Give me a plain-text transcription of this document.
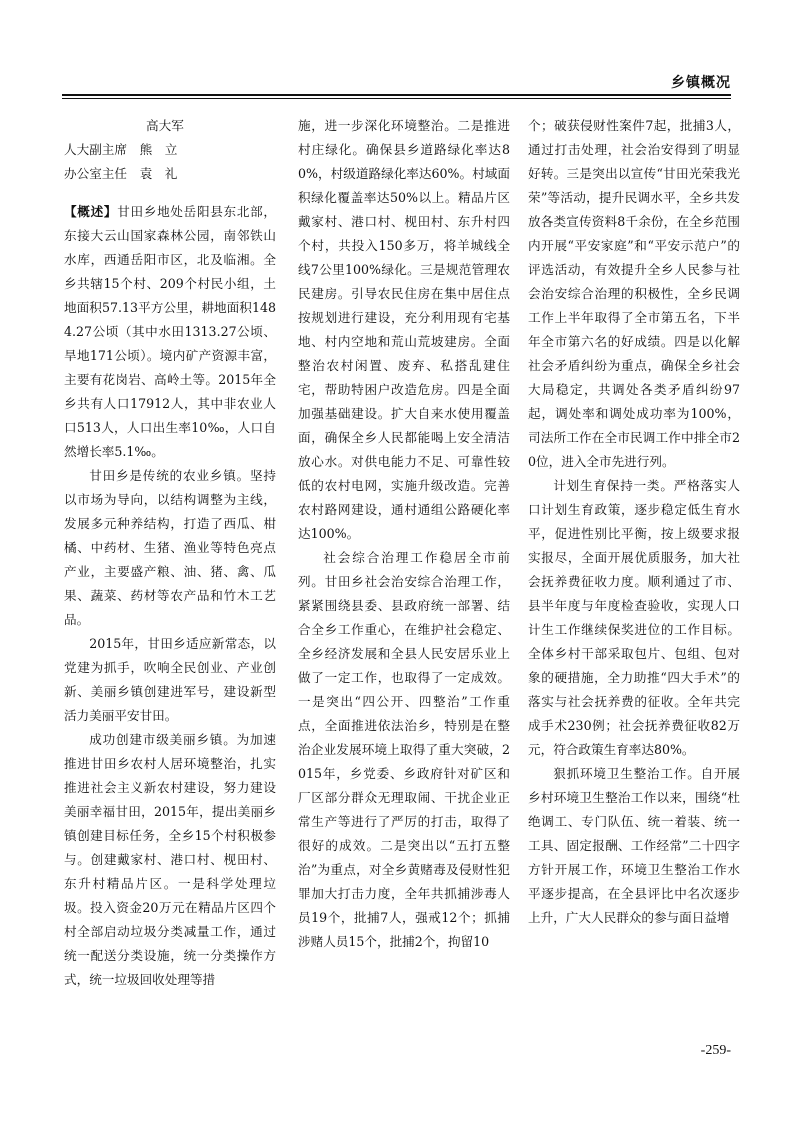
乡镇概况

高大军

人大副主席　熊　立

办公室主任　袁　礼

【概述】甘田乡地处岳阳县东北部，东接大云山国家森林公园，南邻铁山水库，西通岳阳市区，北及临湘。全乡共辖15个村、209个村民小组，土地面积57.13平方公里，耕地面积1484.27公顷（其中水田1313.27公顷、旱地171公顷）。境内矿产资源丰富，主要有花岗岩、高岭土等。2015年全乡共有人口17912人，其中非农业人口513人，人口出生率10‰，人口自然增长率5.1‰。

甘田乡是传统的农业乡镇。坚持以市场为导向，以结构调整为主线，发展多元种养结构，打造了西瓜、柑橘、中药材、生猪、渔业等特色亮点产业，主要盛产粮、油、猪、禽、瓜果、蔬菜、药材等农产品和竹木工艺品。

2015年，甘田乡适应新常态，以党建为抓手，吹响全民创业、产业创新、美丽乡镇创建进军号，建设新型活力美丽平安甘田。

成功创建市级美丽乡镇。为加速推进甘田乡农村人居环境整治，扎实推进社会主义新农村建设，努力建设美丽幸福甘田，2015年，提出美丽乡镇创建目标任务，全乡15个村积极参与。创建戴家村、港口村、枧田村、东升村精品片区。一是科学处理垃圾。投入资金20万元在精品片区四个村全部启动垃圾分类减量工作，通过统一配送分类设施，统一分类操作方式，统一垃圾回收处理等措

施，进一步深化环境整治。二是推进村庄绿化。确保县乡道路绿化率达80%，村级道路绿化率达60%。村域面积绿化覆盖率达50%以上。精品片区戴家村、港口村、枧田村、东升村四个村，共投入150多万，将羊城线全线7公里100%绿化。三是规范管理农民建房。引导农民住房在集中居住点按规划进行建设，充分利用现有宅基地、村内空地和荒山荒坡建房。全面整治农村闲置、废弃、私搭乱建住宅，帮助特困户改造危房。四是全面加强基础建设。扩大自来水使用覆盖面，确保全乡人民都能喝上安全清洁放心水。对供电能力不足、可靠性较低的农村电网，实施升级改造。完善农村路网建设，通村通组公路硬化率达100%。

社会综合治理工作稳居全市前列。甘田乡社会治安综合治理工作，紧紧围绕县委、县政府统一部署、结合全乡工作重心，在维护社会稳定、全乡经济发展和全县人民安居乐业上做了一定工作，也取得了一定成效。一是突出“四公开、四整治”工作重点，全面推进依法治乡，特别是在整治企业发展环境上取得了重大突破，2015年，乡党委、乡政府针对矿区和厂区部分群众无理取闹、干扰企业正常生产等进行了严厉的打击，取得了很好的成效。二是突出以“五打五整治”为重点，对全乡黄赌毒及侵财性犯罪加大打击力度，全年共抓捕涉毒人员19个，批捕7人，强戒12个；抓捕涉赌人员15个，批捕2个，拘留10

个；破获侵财性案件7起，批捕3人，通过打击处理，社会治安得到了明显好转。三是突出以宣传“甘田光荣我光荣”等活动，提升民调水平，全乡共发放各类宣传资料8千余份，在全乡范围内开展“平安家庭”和“平安示范户”的评选活动，有效提升全乡人民参与社会治安综合治理的积极性，全乡民调工作上半年取得了全市第五名，下半年全市第六名的好成绩。四是以化解社会矛盾纠纷为重点，确保全乡社会大局稳定，共调处各类矛盾纠纷97起，调处率和调处成功率为100%，司法所工作在全市民调工作中排全市20位，进入全市先进行列。

计划生育保持一类。严格落实人口计划生育政策，逐步稳定低生育水平，促进性别比平衡，按上级要求报实报尽，全面开展优质服务，加大社会抚养费征收力度。顺利通过了市、县半年度与年度检查验收，实现人口计生工作继续保奖进位的工作目标。全体乡村干部采取包片、包组、包对象的硬措施，全力助推“四大手术”的落实与社会抚养费的征收。全年共完成手术230例；社会抚养费征收82万元，符合政策生育率达80%。

狠抓环境卫生整治工作。自开展乡村环境卫生整治工作以来，围绕“杜绝调工、专门队伍、统一着装、统一工具、固定报酬、工作经常”二十四字方针开展工作，环境卫生整治工作水平逐步提高，在全县评比中名次逐步上升，广大人民群众的参与面日益增

-259-
